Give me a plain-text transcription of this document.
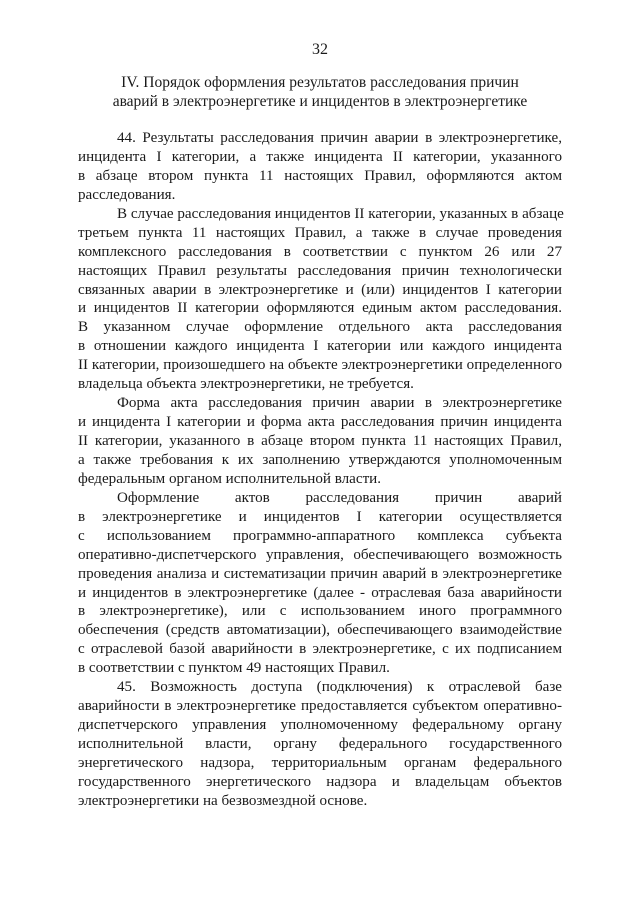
32
IV. Порядок оформления результатов расследования причин
аварий в электроэнергетике и инцидентов в электроэнергетике

44. Результаты расследования причин аварии в электроэнергетике,
инцидента I категории, а также инцидента II категории, указанного
в абзаце втором пункта 11 настоящих Правил, оформляются актом
расследования.

В случае расследования инцидентов II категории, указанных в абзаце
третьем пункта 11 настоящих Правил, а также в случае проведения
комплексного расследования в соответствии с пунктом 26 или 27
настоящих Правил результаты расследования причин технологически
связанных аварии в электроэнергетике и (или) инцидентов I категории
и инцидентов II категории оформляются единым актом расследования.
В указанном случае оформление отдельного акта расследования
в отношении каждого инцидента I категории или каждого инцидента
II категории, произошедшего на объекте электроэнергетики определенного
владельца объекта электроэнергетики, не требуется.

Форма акта расследования причин аварии в электроэнергетике
и инцидента I категории и форма акта расследования причин инцидента
II категории, указанного в абзаце втором пункта 11 настоящих Правил,
а также требования к их заполнению утверждаются уполномоченным
федеральным органом исполнительной власти.

Оформление актов расследования причин аварий
в электроэнергетике и инцидентов I категории осуществляется
с использованием программно-аппаратного комплекса субъекта
оперативно-диспетчерского управления, обеспечивающего возможность
проведения анализа и систематизации причин аварий в электроэнергетике
и инцидентов в электроэнергетике (далее - отраслевая база аварийности
в электроэнергетике), или с использованием иного программного
обеспечения (средств автоматизации), обеспечивающего взаимодействие
с отраслевой базой аварийности в электроэнергетике, с их подписанием
в соответствии с пунктом 49 настоящих Правил.

45. Возможность доступа (подключения) к отраслевой базе
аварийности в электроэнергетике предоставляется субъектом оперативно-
диспетчерского управления уполномоченному федеральному органу
исполнительной власти, органу федерального государственного
энергетического надзора, территориальным органам федерального
государственного энергетического надзора и владельцам объектов
электроэнергетики на безвозмездной основе.
